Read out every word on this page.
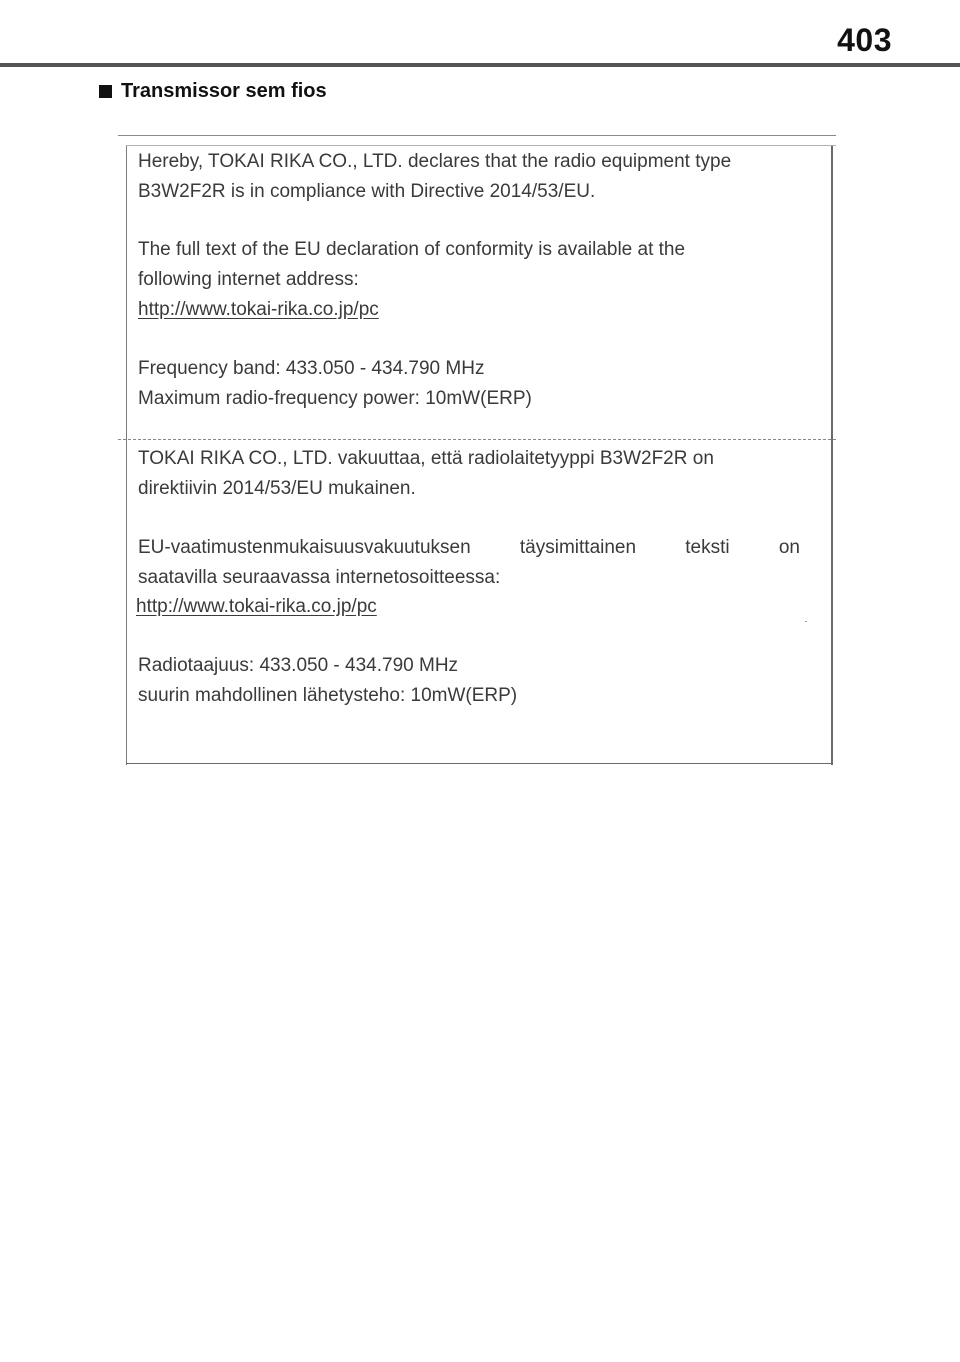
403
Transmissor sem fios
Hereby, TOKAI RIKA CO., LTD. declares that the radio equipment type
B3W2F2R is in compliance with Directive 2014/53/EU.
The full text of the EU declaration of conformity is available at the
following internet address:
http://www.tokai-rika.co.jp/pc
Frequency band: 433.050 - 434.790 MHz
Maximum radio-frequency power: 10mW(ERP)
TOKAI RIKA CO., LTD. vakuuttaa, että radiolaitetyyppi B3W2F2R on
direktiivin 2014/53/EU mukainen.
EU-vaatimustenmukaisuusvakuutuksen	täysimittainen	teksti	on
saatavilla seuraavassa internetosoitteessa:
http://www.tokai-rika.co.jp/pc
Radiotaajuus: 433.050 - 434.790 MHz
suurin mahdollinen lähetysteho: 10mW(ERP)
